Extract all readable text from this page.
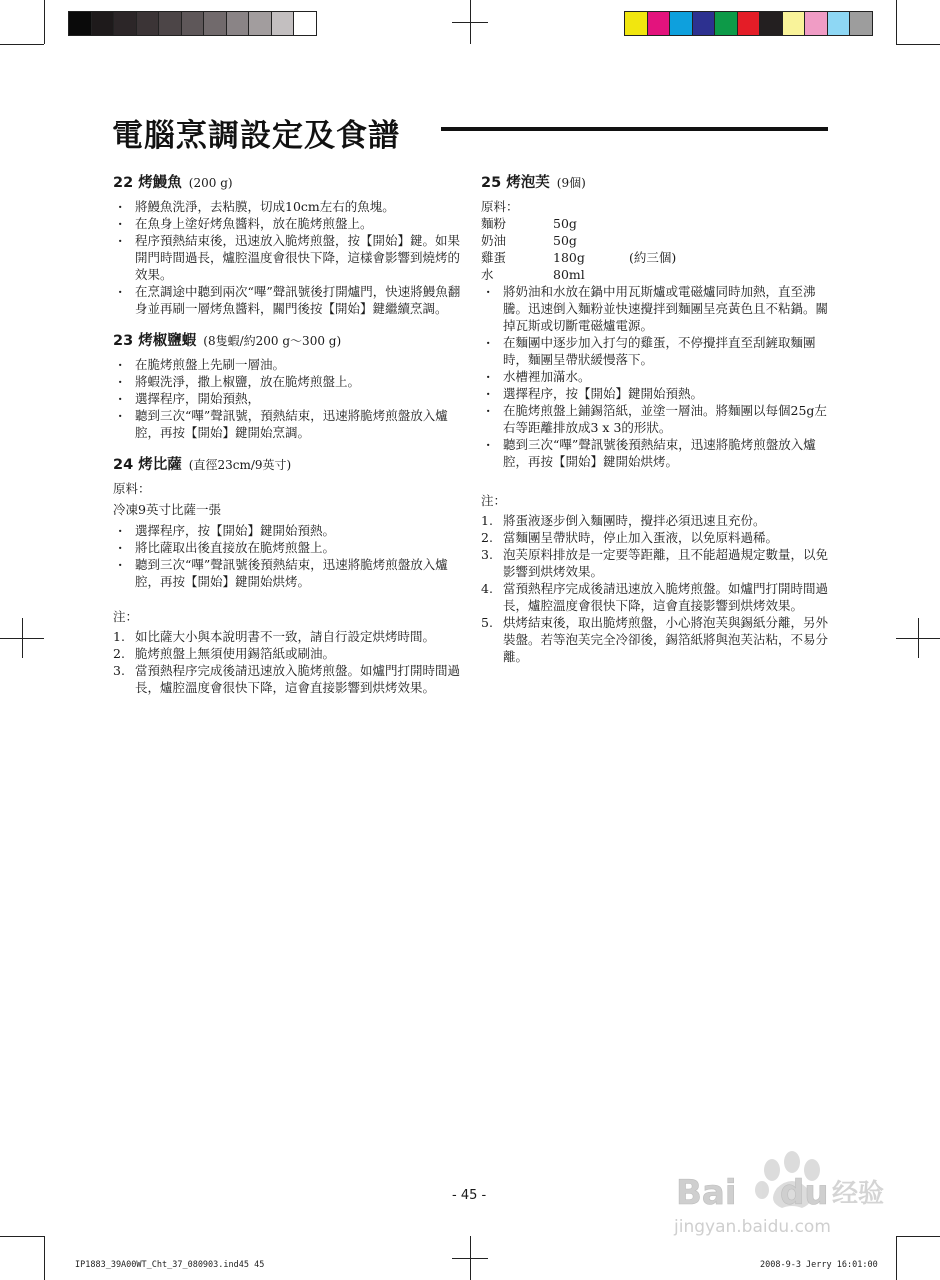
電腦烹調設定及食譜
22 烤鰻魚 (200 g)
· 將鰻魚洗淨，去粘膜，切成10cm左右的魚塊。
· 在魚身上塗好烤魚醬料，放在脆烤煎盤上。
· 程序預熱結束後，迅速放入脆烤煎盤，按【開始】鍵。如果開門時間過長，爐腔溫度會很快下降，這樣會影響到燒烤的效果。
· 在烹調途中聽到兩次“嗶”聲訊號後打開爐門，快速將鰻魚翻身並再刷一層烤魚醬料，關門後按【開始】鍵繼續烹調。
23 烤椒鹽蝦 (8隻蝦/約200 g～300 g)
· 在脆烤煎盤上先刷一層油。
· 將蝦洗淨，撒上椒鹽，放在脆烤煎盤上。
· 選擇程序，開始預熱，
· 聽到三次“嗶”聲訊號，預熱結束，迅速將脆烤煎盤放入爐腔，再按【開始】鍵開始烹調。
24 烤比薩 (直徑23cm/9英寸)
原料：
冷凍9英寸比薩一張
· 選擇程序，按【開始】鍵開始預熱。
· 將比薩取出後直接放在脆烤煎盤上。
· 聽到三次“嗶”聲訊號後預熱結束，迅速將脆烤煎盤放入爐腔，再按【開始】鍵開始烘烤。
注：
1. 如比薩大小與本說明書不一致，請自行設定烘烤時間。
2. 脆烤煎盤上無須使用錫箔紙或刷油。
3. 當預熱程序完成後請迅速放入脆烤煎盤。如爐門打開時間過長，爐腔溫度會很快下降，這會直接影響到烘烤效果。
25 烤泡芙 (9個)
原料：
麵粉	50g
奶油	50g
雞蛋	180g	(約三個)
水	80ml
· 將奶油和水放在鍋中用瓦斯爐或電磁爐同時加熱，直至沸騰。迅速倒入麵粉並快速攪拌到麵團呈亮黃色且不粘鍋。關掉瓦斯或切斷電磁爐電源。
· 在麵團中逐步加入打勻的雞蛋，不停攪拌直至刮鏟取麵團時，麵團呈帶狀緩慢落下。
· 水槽裡加滿水。
· 選擇程序，按【開始】鍵開始預熱。
· 在脆烤煎盤上鋪錫箔紙，並塗一層油。將麵團以每個25g左右等距離排放成3 x 3的形狀。
· 聽到三次“嗶”聲訊號後預熱結束，迅速將脆烤煎盤放入爐腔，再按【開始】鍵開始烘烤。
注：
1. 將蛋液逐步倒入麵團時，攪拌必須迅速且充份。
2. 當麵團呈帶狀時，停止加入蛋液，以免原料過稀。
3. 泡芙原料排放是一定要等距離，且不能超過規定數量，以免影響到烘烤效果。
4. 當預熱程序完成後請迅速放入脆烤煎盤。如爐門打開時間過長，爐腔溫度會很快下降，這會直接影響到烘烤效果。
5. 烘烤結束後，取出脆烤煎盤，小心將泡芙與錫紙分離，另外裝盤。若等泡芙完全冷卻後，錫箔紙將與泡芙沾粘，不易分離。
Bai du 经验
jingyan.baidu.com
- 45 -
IP1883_39A00WT_Cht_37_080903.ind45 45	2008-9-3 Jerry 16:01:00
